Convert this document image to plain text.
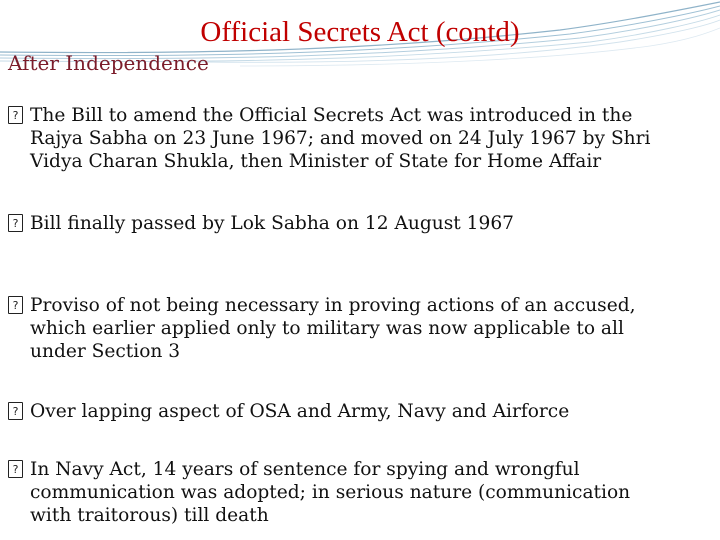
Official Secrets Act (contd)
After Independence
? The Bill to amend the Official Secrets Act was introduced in the
Rajya Sabha on 23 June 1967; and moved on 24 July 1967 by Shri
Vidya Charan Shukla, then Minister of State for Home Affair
? Bill finally passed by Lok Sabha on 12 August 1967
? Proviso of not being necessary in proving actions of an accused,
which earlier applied only to military was now applicable to all
under Section 3
? Over lapping aspect of OSA and Army, Navy and Airforce
? In Navy Act, 14 years of sentence for spying and wrongful
communication was adopted; in serious nature (communication
with traitorous) till death
